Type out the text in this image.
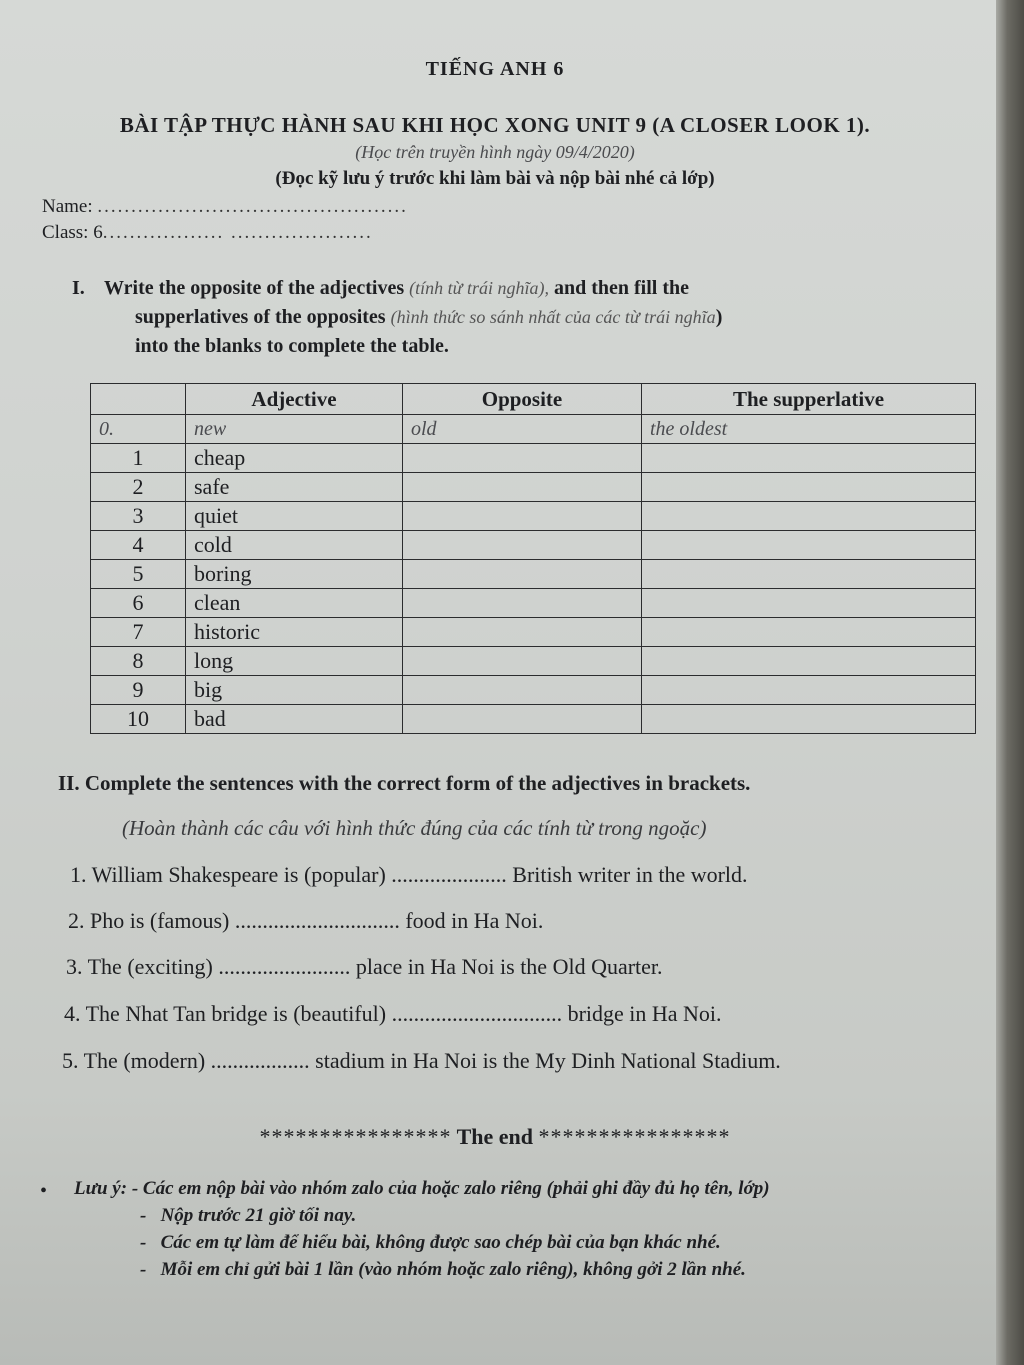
TIẾNG ANH 6
BÀI TẬP THỰC HÀNH SAU KHI HỌC XONG UNIT 9 (A CLOSER LOOK 1).
(Học trên truyền hình ngày 09/4/2020)
(Đọc kỹ lưu ý trước khi làm bài và nộp bài nhé cả lớp)
Name: ..............................................
Class: 6.................. .....................
I. Write the opposite of the adjectives (tính từ trái nghĩa), and then fill the
supperlatives of the opposites (hình thức so sánh nhất của các từ trái nghĩa)
into the blanks to complete the table.
	Adjective	Opposite	The supperlative
0.	new	old	the oldest
1	cheap		
2	safe		
3	quiet		
4	cold		
5	boring		
6	clean		
7	historic		
8	long		
9	big		
10	bad		
II. Complete the sentences with the correct form of the adjectives in brackets.
(Hoàn thành các câu với hình thức đúng của các tính từ trong ngoặc)
1. William Shakespeare is (popular) ..................... British writer in the world.
2. Pho is (famous) .............................. food in Ha Noi.
3. The (exciting) ........................ place in Ha Noi is the Old Quarter.
4. The Nhat Tan bridge is (beautiful) ............................... bridge in Ha Noi.
5. The (modern) .................. stadium in Ha Noi is the My Dinh National Stadium.
**************** The end ****************
• Lưu ý: - Các em nộp bài vào nhóm zalo của hoặc zalo riêng (phải ghi đầy đủ họ tên, lớp)
- Nộp trước 21 giờ tối nay.
- Các em tự làm để hiểu bài, không được sao chép bài của bạn khác nhé.
- Mỗi em chỉ gửi bài 1 lần (vào nhóm hoặc zalo riêng), không gởi 2 lần nhé.
